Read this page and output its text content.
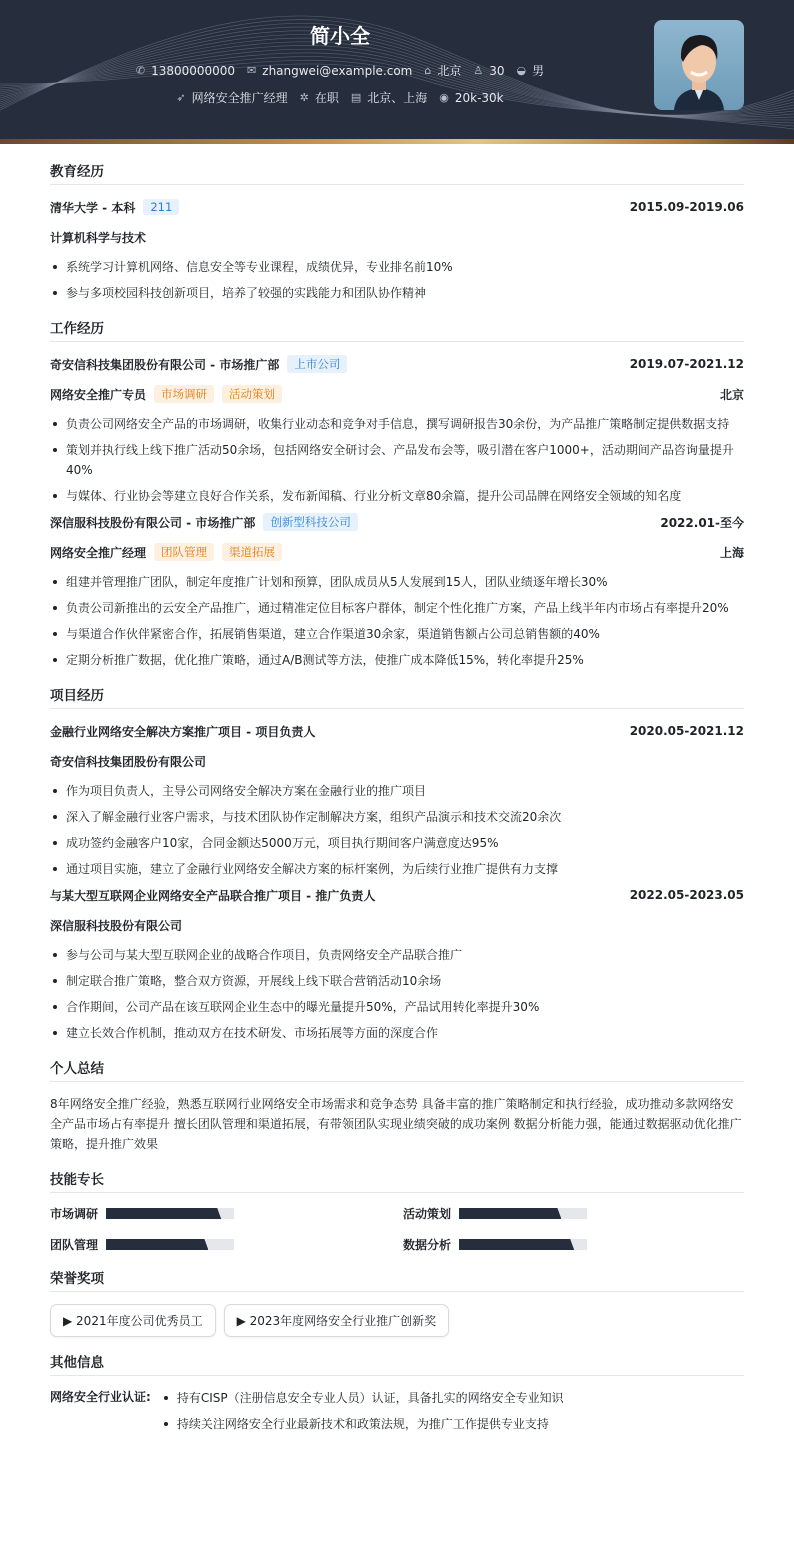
简小全
✆ 13800000000 ✉ zhangwei@example.com ⌂ 北京 ♙ 30 ◒ 男
➶ 网络安全推广经理 ✲ 在职 ▤ 北京、上海 ◉ 20k-30k
教育经历
清华大学 - 本科	211	2015.09-2019.06
计算机科学与技术
系统学习计算机网络、信息安全等专业课程，成绩优异，专业排名前10%
参与多项校园科技创新项目，培养了较强的实践能力和团队协作精神
工作经历
奇安信科技集团股份有限公司 - 市场推广部	上市公司	2019.07-2021.12
网络安全推广专员	市场调研	活动策划	北京
负责公司网络安全产品的市场调研，收集行业动态和竞争对手信息，撰写调研报告30余份，为产品推广策略制定提供数据支持
策划并执行线上线下推广活动50余场，包括网络安全研讨会、产品发布会等，吸引潜在客户1000+，活动期间产品咨询量提升40%
与媒体、行业协会等建立良好合作关系，发布新闻稿、行业分析文章80余篇，提升公司品牌在网络安全领域的知名度
深信服科技股份有限公司 - 市场推广部	创新型科技公司	2022.01-至今
网络安全推广经理	团队管理	渠道拓展	上海
组建并管理推广团队，制定年度推广计划和预算，团队成员从5人发展到15人，团队业绩逐年增长30%
负责公司新推出的云安全产品推广，通过精准定位目标客户群体，制定个性化推广方案，产品上线半年内市场占有率提升20%
与渠道合作伙伴紧密合作，拓展销售渠道，建立合作渠道30余家，渠道销售额占公司总销售额的40%
定期分析推广数据，优化推广策略，通过A/B测试等方法，使推广成本降低15%，转化率提升25%
项目经历
金融行业网络安全解决方案推广项目 - 项目负责人	2020.05-2021.12
奇安信科技集团股份有限公司
作为项目负责人，主导公司网络安全解决方案在金融行业的推广项目
深入了解金融行业客户需求，与技术团队协作定制解决方案，组织产品演示和技术交流20余次
成功签约金融客户10家，合同金额达5000万元，项目执行期间客户满意度达95%
通过项目实施，建立了金融行业网络安全解决方案的标杆案例，为后续行业推广提供有力支撑
与某大型互联网企业网络安全产品联合推广项目 - 推广负责人	2022.05-2023.05
深信服科技股份有限公司
参与公司与某大型互联网企业的战略合作项目，负责网络安全产品联合推广
制定联合推广策略，整合双方资源，开展线上线下联合营销活动10余场
合作期间，公司产品在该互联网企业生态中的曝光量提升50%，产品试用转化率提升30%
建立长效合作机制，推动双方在技术研发、市场拓展等方面的深度合作
个人总结

8年网络安全推广经验，熟悉互联网行业网络安全市场需求和竞争态势 具备丰富的推广策略制定和执行经验，成功推动多款网络安全产品市场占有率提升 擅长团队管理和渠道拓展，有带领团队实现业绩突破的成功案例 数据分析能力强，能通过数据驱动优化推广策略，提升推广效果

技能专长
市场调研	活动策划
团队管理	数据分析
荣誉奖项
▶ 2021年度公司优秀员工	▶ 2023年度网络安全行业推广创新奖
其他信息
网络安全行业认证:	持有CISP（注册信息安全专业人员）认证，具备扎实的网络安全专业知识
持续关注网络安全行业最新技术和政策法规，为推广工作提供专业支持
